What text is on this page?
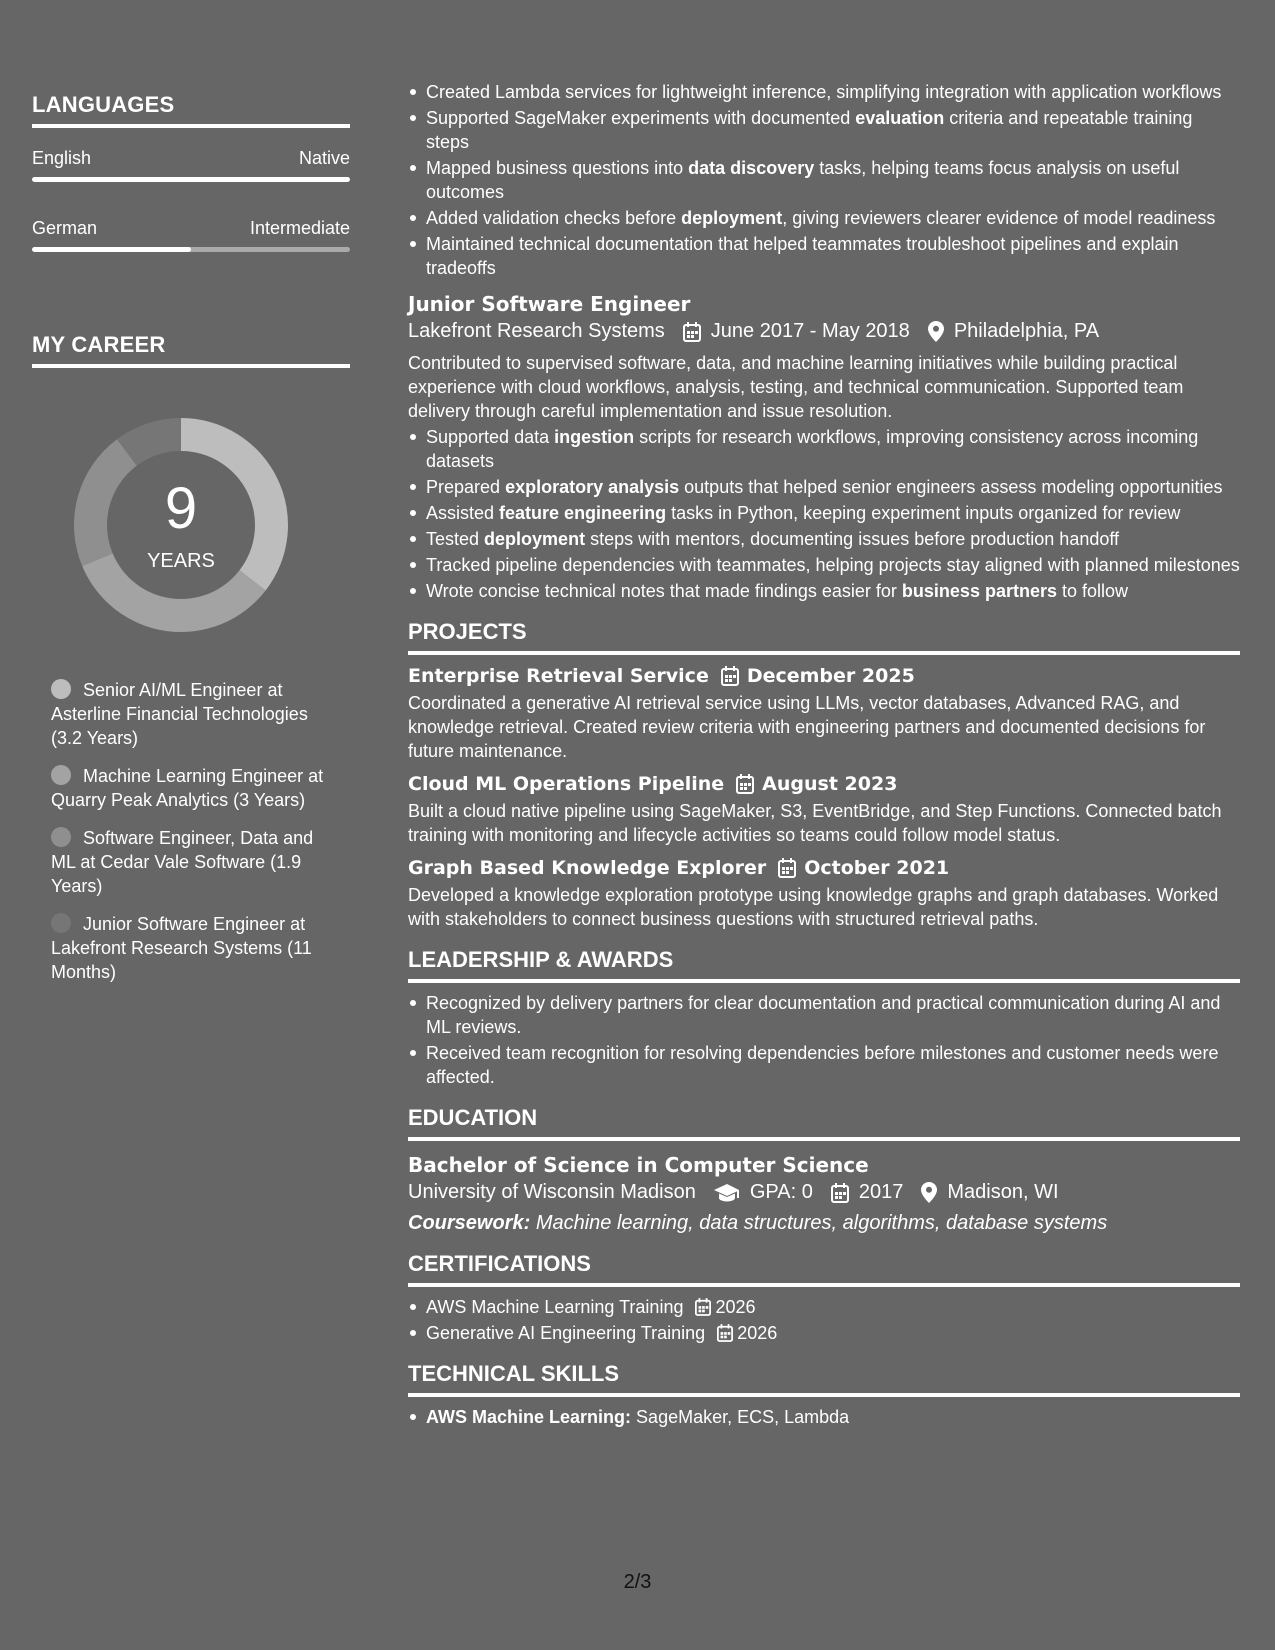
LANGUAGES
English	Native
German	Intermediate
MY CAREER
9
YEARS
Senior AI/ML Engineer at Asterline Financial Technologies (3.2 Years)
Machine Learning Engineer at Quarry Peak Analytics (3 Years)
Software Engineer, Data and ML at Cedar Vale Software (1.9 Years)
Junior Software Engineer at Lakefront Research Systems (11 Months)
Created Lambda services for lightweight inference, simplifying integration with application workflows
Supported SageMaker experiments with documented evaluation criteria and repeatable training steps
Mapped business questions into data discovery tasks, helping teams focus analysis on useful outcomes
Added validation checks before deployment, giving reviewers clearer evidence of model readiness
Maintained technical documentation that helped teammates troubleshoot pipelines and explain tradeoffs
Junior Software Engineer
Lakefront Research Systems June 2017 - May 2018 Philadelphia, PA

Contributed to supervised software, data, and machine learning initiatives while building practical experience with cloud workflows, analysis, testing, and technical communication. Supported team delivery through careful implementation and issue resolution.

Supported data ingestion scripts for research workflows, improving consistency across incoming datasets
Prepared exploratory analysis outputs that helped senior engineers assess modeling opportunities
Assisted feature engineering tasks in Python, keeping experiment inputs organized for review
Tested deployment steps with mentors, documenting issues before production handoff
Tracked pipeline dependencies with teammates, helping projects stay aligned with planned milestones
Wrote concise technical notes that made findings easier for business partners to follow
PROJECTS
Enterprise Retrieval Service December 2025

Coordinated a generative AI retrieval service using LLMs, vector databases, Advanced RAG, and knowledge retrieval. Created review criteria with engineering partners and documented decisions for future maintenance.

Cloud ML Operations Pipeline August 2023

Built a cloud native pipeline using SageMaker, S3, EventBridge, and Step Functions. Connected batch training with monitoring and lifecycle activities so teams could follow model status.

Graph Based Knowledge Explorer October 2021

Developed a knowledge exploration prototype using knowledge graphs and graph databases. Worked with stakeholders to connect business questions with structured retrieval paths.

LEADERSHIP & AWARDS
Recognized by delivery partners for clear documentation and practical communication during AI and ML reviews.
Received team recognition for resolving dependencies before milestones and customer needs were affected.
EDUCATION
Bachelor of Science in Computer Science
University of Wisconsin Madison	GPA: 0 2017 Madison, WI

Coursework: Machine learning, data structures, algorithms, database systems

CERTIFICATIONS
AWS Machine Learning Training 2026
Generative AI Engineering Training 2026
TECHNICAL SKILLS
AWS Machine Learning: SageMaker, ECS, Lambda
2/3
